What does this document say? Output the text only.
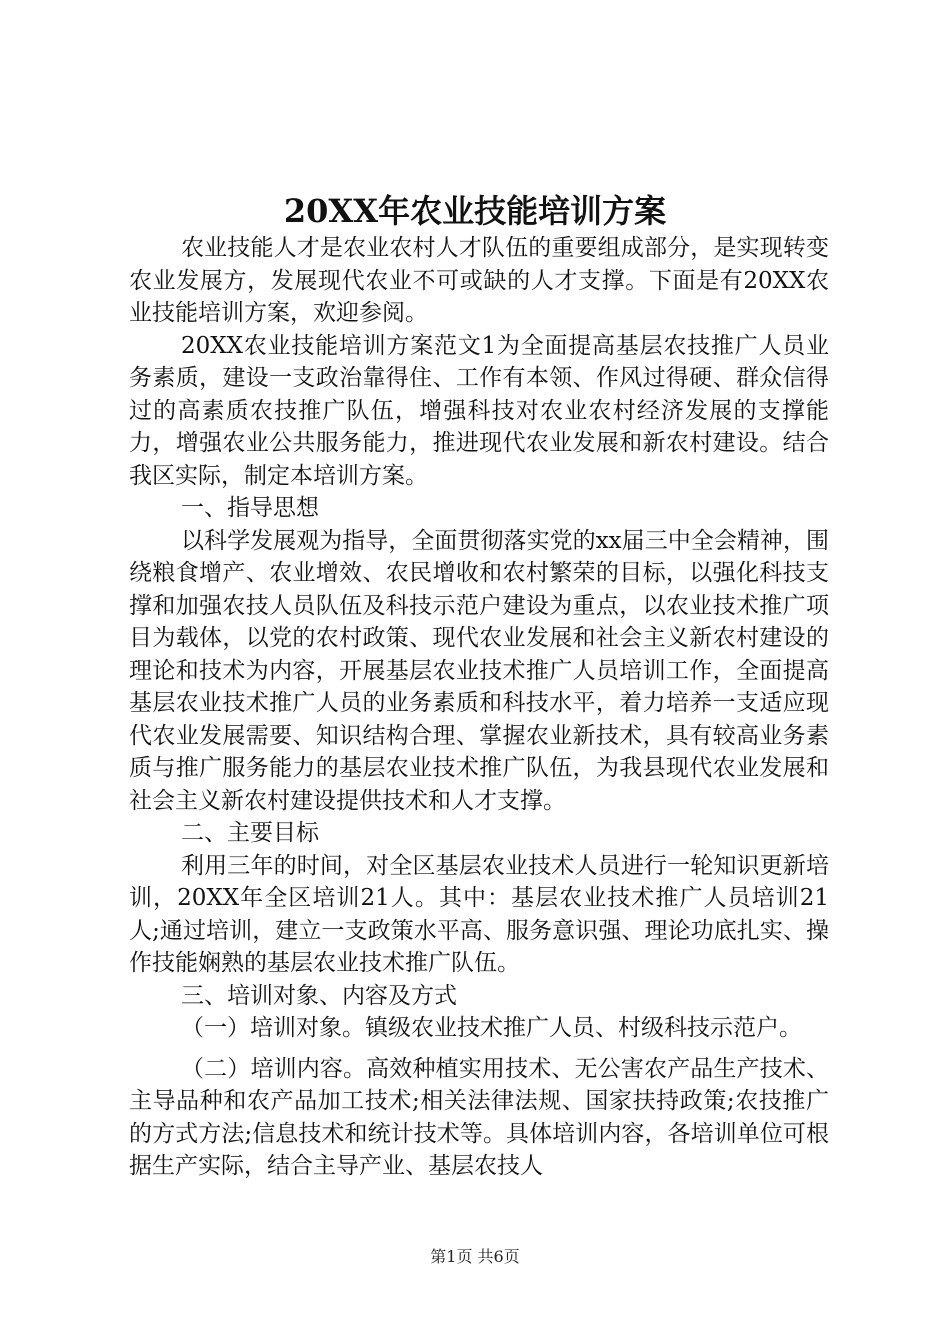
20XX年农业技能培训方案

农业技能人才是农业农村人才队伍的重要组成部分，是实现转变农业发展方，发展现代农业不可或缺的人才支撑。下面是有20XX农业技能培训方案，欢迎参阅。

20XX农业技能培训方案范文1为全面提高基层农技推广人员业务素质，建设一支政治靠得住、工作有本领、作风过得硬、群众信得过的高素质农技推广队伍，增强科技对农业农村经济发展的支撑能力，增强农业公共服务能力，推进现代农业发展和新农村建设。结合我区实际，制定本培训方案。

一、指导思想

以科学发展观为指导，全面贯彻落实党的xx届三中全会精神，围绕粮食增产、农业增效、农民增收和农村繁荣的目标，以强化科技支撑和加强农技人员队伍及科技示范户建设为重点，以农业技术推广项目为载体，以党的农村政策、现代农业发展和社会主义新农村建设的理论和技术为内容，开展基层农业技术推广人员培训工作，全面提高基层农业技术推广人员的业务素质和科技水平，着力培养一支适应现代农业发展需要、知识结构合理、掌握农业新技术，具有较高业务素质与推广服务能力的基层农业技术推广队伍，为我县现代农业发展和社会主义新农村建设提供技术和人才支撑。

二、主要目标

利用三年的时间，对全区基层农业技术人员进行一轮知识更新培训，20XX年全区培训21人。其中：基层农业技术推广人员培训21人;通过培训，建立一支政策水平高、服务意识强、理论功底扎实、操作技能娴熟的基层农业技术推广队伍。

三、培训对象、内容及方式

（一）培训对象。镇级农业技术推广人员、村级科技示范户。

（二）培训内容。高效种植实用技术、无公害农产品生产技术、主导品种和农产品加工技术;相关法律法规、国家扶持政策;农技推广的方式方法;信息技术和统计技术等。具体培训内容，各培训单位可根据生产实际，结合主导产业、基层农技人

第1页 共6页
